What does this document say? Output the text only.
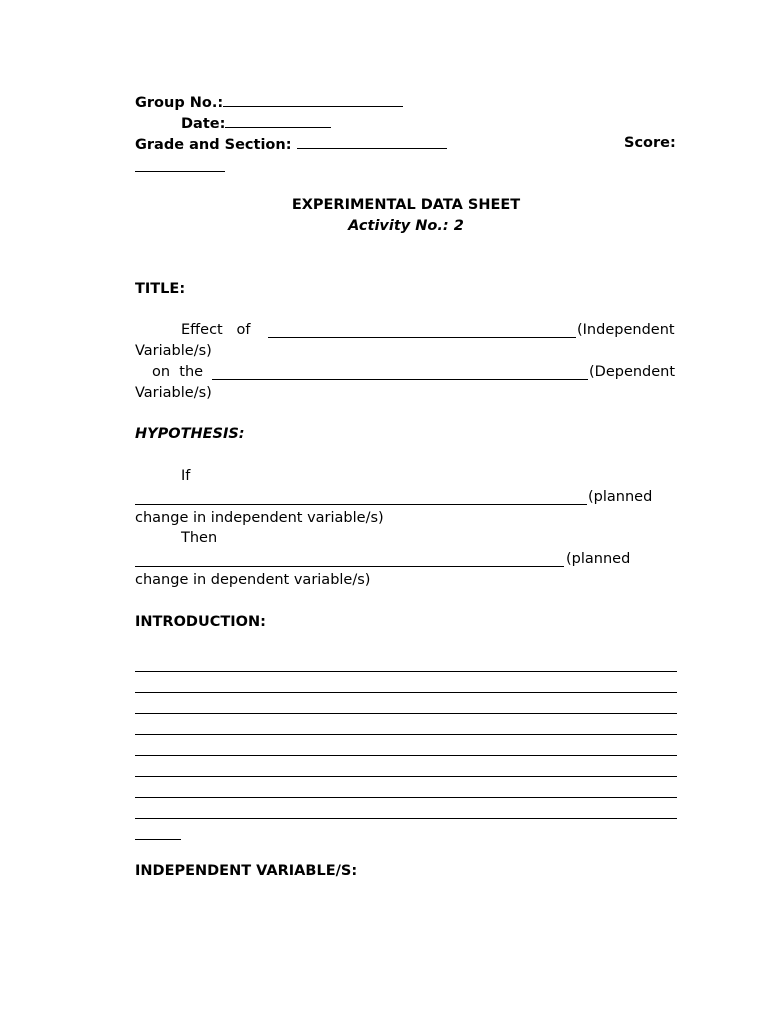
Group No.:
Date:
Grade and Section:	Score:
EXPERIMENTAL DATA SHEET
Activity No.: 2
TITLE:
Effect   of	(Independent
Variable/s)
on  the	(Dependent
Variable/s)
HYPOTHESIS:
If
(planned
change in independent variable/s)
Then
(planned
change in dependent variable/s)
INTRODUCTION:
INDEPENDENT VARIABLE/S:
